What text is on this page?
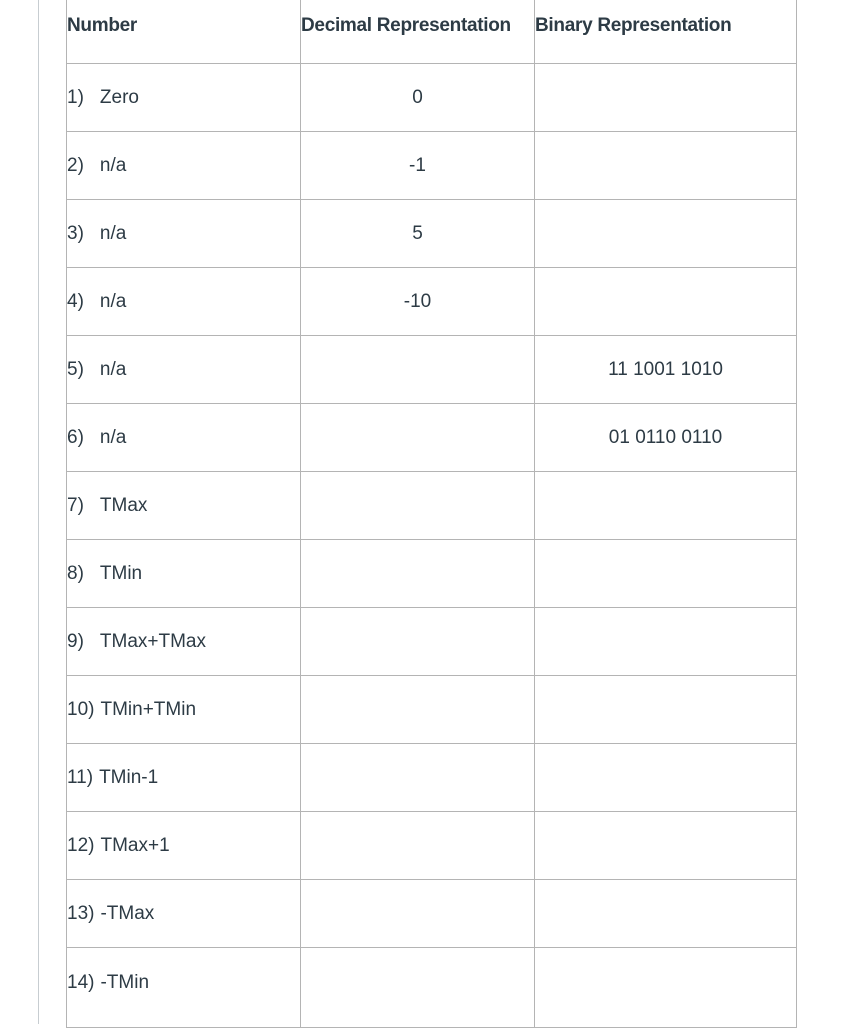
Number	Decimal Representation	Binary Representation
1) Zero	0	
2) n/a	-1	
3) n/a	5	
4) n/a	-10	
5) n/a		11 1001 1010
6) n/a		01 0110 0110
7) TMax		
8) TMin		
9) TMax+TMax		
10) TMin+TMin		
11) TMin-1		
12) TMax+1		
13) -TMax		
14) -TMin		
